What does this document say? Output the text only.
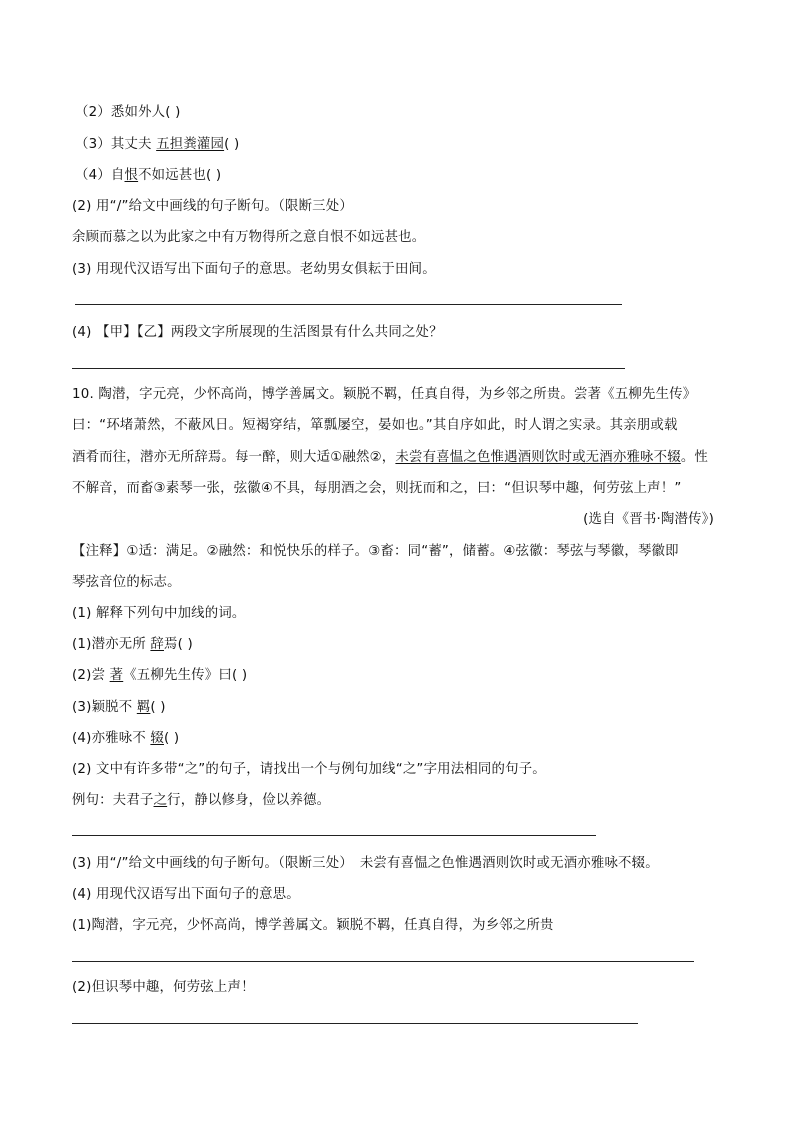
（2）悉如外人( )
（3）其丈夫 五担粪灌园( )
（4）自恨不如远甚也( )
(2) 用“/”给文中画线的句子断句。（限断三处）
余顾而慕之以为此家之中有万物得所之意自恨不如远甚也。
(3) 用现代汉语写出下面句子的意思。老幼男女俱耘于田间。
(4) 【甲】【乙】两段文字所展现的生活图景有什么共同之处？
10. 陶潜，字元亮，少怀高尚，博学善属文。颖脱不羁，任真自得，为乡邻之所贵。尝著《五柳先生传》
曰：“环堵萧然，不蔽风日。短褐穿结，箪瓢屡空，晏如也。”其自序如此，时人谓之实录。其亲朋或载
酒肴而往，潜亦无所辞焉。每一醉，则大适①融然②，未尝有喜愠之色惟遇酒则饮时或无酒亦雅咏不辍。性
不解音，而畜③素琴一张，弦徽④不具，每朋酒之会，则抚而和之，曰：“但识琴中趣，何劳弦上声！”
(选自《晋书·陶潜传》)
【注释】①适：满足。②融然：和悦快乐的样子。③畜：同“蓄”，储蓄。④弦徽：琴弦与琴徽，琴徽即
琴弦音位的标志。
(1) 解释下列句中加线的词。
(1)潜亦无所 辞焉( )
(2)尝 著《五柳先生传》曰( )
(3)颖脱不 羁( )
(4)亦雅咏不 辍( )
(2) 文中有许多带“之”的句子，请找出一个与例句加线“之”字用法相同的句子。
例句：夫君子之行，静以修身，俭以养德。
(3) 用“/”给文中画线的句子断句。（限断三处）　未尝有喜愠之色惟遇酒则饮时或无酒亦雅咏不辍。
(4) 用现代汉语写出下面句子的意思。
(1)陶潜，字元亮，少怀高尚，博学善属文。颖脱不羁，任真自得，为乡邻之所贵
(2)但识琴中趣，何劳弦上声！
